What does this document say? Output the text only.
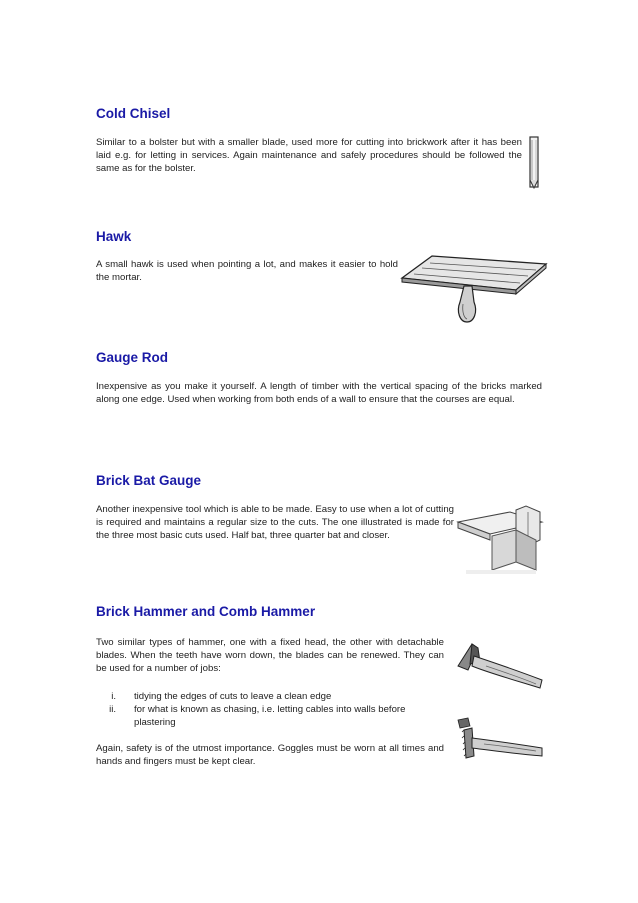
Cold Chisel

Similar to a bolster but with a smaller blade, used more for cutting into brickwork after it has been laid e.g. for letting in services. Again maintenance and safely procedures should be followed the same as for the bolster.

Hawk

A small hawk is used when pointing a lot, and makes it easier to hold the mortar.

Gauge Rod

Inexpensive as you make it yourself. A length of timber with the vertical spacing of the bricks marked along one edge. Used when working from both ends of a wall to ensure that the courses are equal.

Brick Bat Gauge

Another inexpensive tool which is able to be made. Easy to use when a lot of cutting is required and maintains a regular size to the cuts. The one illustrated is made for the three most basic cuts used. Half bat, three quarter bat and closer.

Brick Hammer and Comb Hammer

Two similar types of hammer, one with a fixed head, the other with detachable blades. When the teeth have worn down, the blades can be renewed. They can be used for a number of jobs:

i. tidying the edges of cuts to leave a clean edge
ii. for what is known as chasing, i.e. letting cables into walls before plastering

Again, safety is of the utmost importance. Goggles must be worn at all times and hands and fingers must be kept clear.
